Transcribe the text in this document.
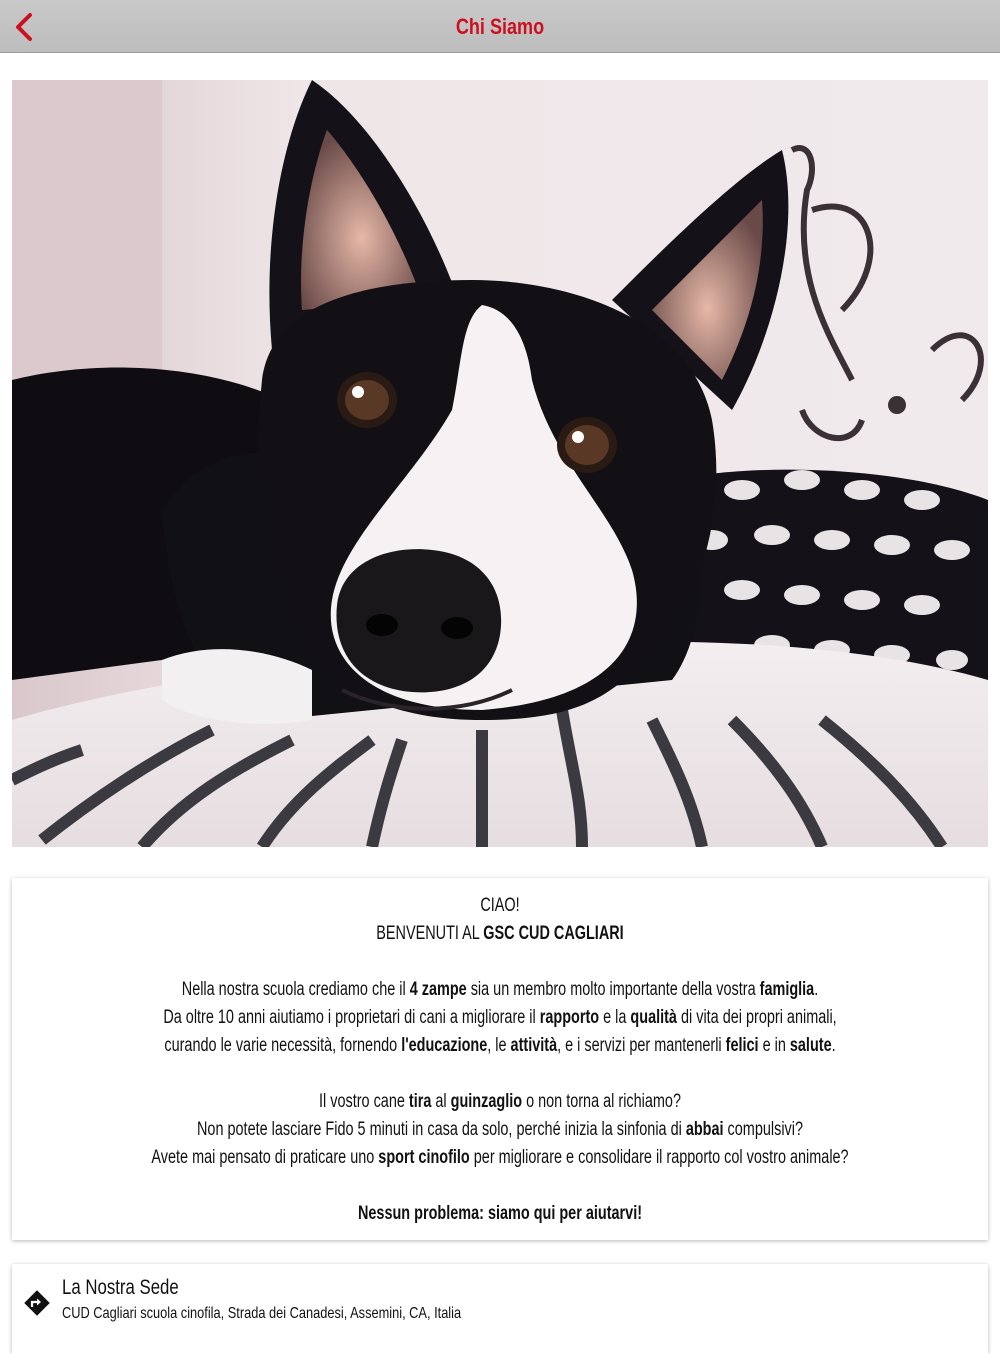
Chi Siamo

CIAO!

BENVENUTI AL GSC CUD CAGLIARI

Nella nostra scuola crediamo che il 4 zampe sia un membro molto importante della vostra famiglia.

Da oltre 10 anni aiutiamo i proprietari di cani a migliorare il rapporto e la qualità di vita dei propri animali,

curando le varie necessità, fornendo l'educazione, le attività, e i servizi per mantenerli felici e in salute.

Il vostro cane tira al guinzaglio o non torna al richiamo?

Non potete lasciare Fido 5 minuti in casa da solo, perché inizia la sinfonia di abbai compulsivi?

Avete mai pensato di praticare uno sport cinofilo per migliorare e consolidare il rapporto col vostro animale?

Nessun problema: siamo qui per aiutarvi!

La Nostra Sede
CUD Cagliari scuola cinofila, Strada dei Canadesi, Assemini, CA, Italia
